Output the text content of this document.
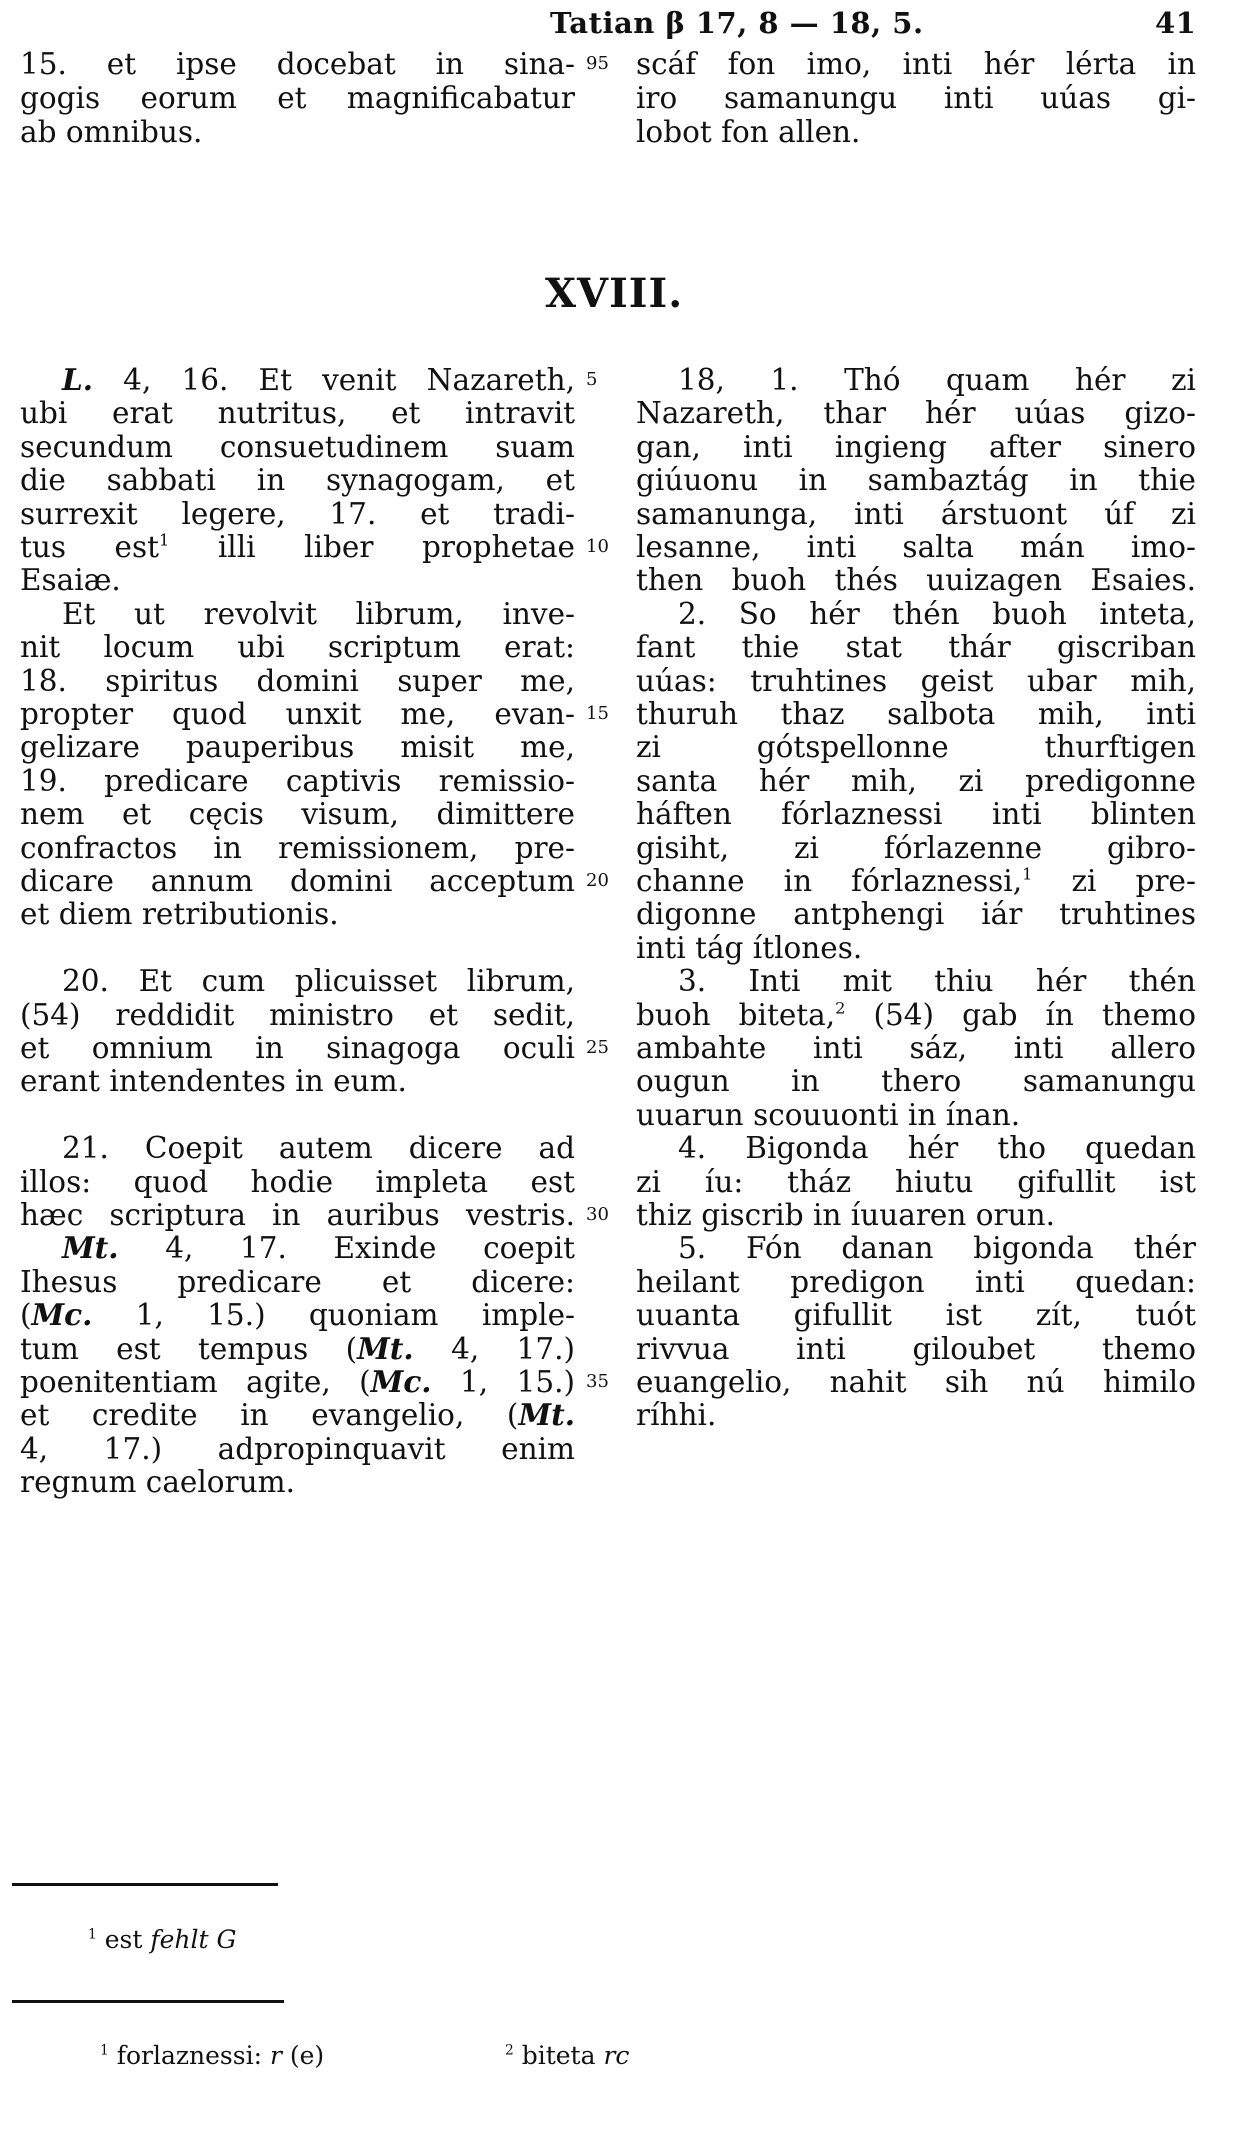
Tatian β 17, 8 — 18, 5.	41
15. et ipse docebat in sina-
gogis eorum et magnificabatur
ab omnibus.
95 scáf fon imo, inti hér lérta in
iro samanungu inti uúas gi-
lobot fon allen.
XVIII.
L. 4, 16. Et venit Nazareth,
ubi erat nutritus, et intravit
secundum consuetudinem suam
die sabbati in synagogam, et
surrexit legere, 17. et tradi-
tus est$^1$ illi liber prophetae
Esaiæ.
Et ut revolvit librum, inve-
nit locum ubi scriptum erat:
18. spiritus domini super me,
propter quod unxit me, evan-
gelizare pauperibus misit me,
19. predicare captivis remissio-
nem et cęcis visum, dimittere
confractos in remissionem, pre-
dicare annum domini acceptum
et diem retributionis.
20. Et cum plicuisset librum,
(54) reddidit ministro et sedit,
et omnium in sinagoga oculi
erant intendentes in eum.
21. Coepit autem dicere ad
illos: quod hodie impleta est
hæc scriptura in auribus vestris.
Mt. 4, 17. Exinde coepit
Ihesus predicare et dicere:
(Mc. 1, 15.) quoniam imple-
tum est tempus (Mt. 4, 17.)
poenitentiam agite, (Mc. 1, 15.)
et credite in evangelio, (Mt.
4, 17.) adpropinquavit enim
regnum caelorum.
18, 1. Thó quam hér zi
Nazareth, thar hér uúas gizo-
gan, inti ingieng after sinero
giúuonu in sambaztág in thie
samanunga, inti árstuont úf zi
lesanne, inti salta mán imo-
then buoh thés uuizagen Esaies.
2. So hér thén buoh inteta,
fant thie stat thár giscriban
uúas: truhtines geist ubar mih,
thuruh thaz salbota mih, inti
zi gótspellonne thurftigen
santa hér mih, zi predigonne
háften fórlaznessi inti blinten
gisiht, zi fórlazenne gibro-
channe in fórlaznessi,$^1$ zi pre-
digonne antphengi iár truhtines
inti tág ítlones.
3. Inti mit thiu hér thén
buoh biteta,$^2$ (54) gab ín themo
ambahte inti sáz, inti allero
ougun in thero samanungu
uuarun scouuonti in ínan.
4. Bigonda hér tho quedan
zi íu: tház hiutu gifullit ist
thiz giscrib in íuuaren orun.
5. Fón danan bigonda thér
heilant predigon inti quedan:
uuanta gifullit ist zít, tuót
rivvua inti giloubet themo
euangelio, nahit sih nú himilo
ríhhi.
5
10
15
20
25
30
35
$^1$ est fehlt G
$^1$ forlaznessi: r (e)	$^2$ biteta rc
